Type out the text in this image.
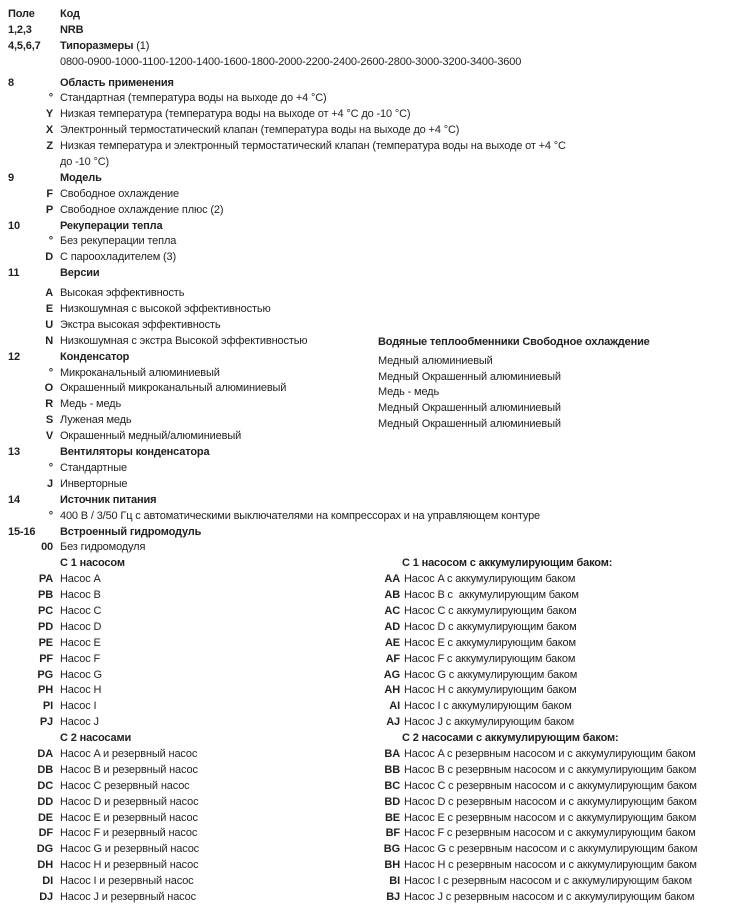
Поле Код
1,2,3	NRB
4,5,6,7 Типоразмеры (1)
0800-0900-1000-1100-1200-1400-1600-1800-2000-2200-2400-2600-2800-3000-3200-3400-3600
8	Область применения
° Стандартная (температура воды на выходе до +4 °C)
Y Низкая температура (температура воды на выходе от +4 °C до -10 °C)
X Электронный термостатический клапан (температура воды на выходе до +4 °C)
Z Низкая температура и электронный термостатический клапан (температура воды на выходе от +4 °C
до -10 °C)
9	Модель
F Свободное охлаждение
P Свободное охлаждение плюс (2)
10	Рекуперации тепла
° Без рекуперации тепла
D С пароохладителем (3)
11	Версии
A Высокая эффективность
E Низкошумная с высокой эффективностью
U Экстра высокая эффективность
N Низкошумная с экстра Высокой эффективностью	Водяные теплообменники Свободное охлаждение
12	Конденсатор	Медный алюминиевый
° Микроканальный алюминиевый	Медный Окрашенный алюминиевый
O Окрашенный микроканальный алюминиевый	Медь - медь
R Медь - медь	Медный Окрашенный алюминиевый
S Луженая медь	Медный Окрашенный алюминиевый
V Окрашенный медный/алюминиевый
13	Вентиляторы конденсатора
° Стандартные
J Инверторные
14	Источник питания
° 400 В / 3/50 Гц с автоматическими выключателями на компрессорах и на управляющем контуре
15-16 Встроенный гидромодуль
00 Без гидромодуля
С 1 насосом	С 1 насосом с аккумулирующим баком:
PA Насос A	AA Насос A с аккумулирующим баком
PB Насос B	AB Насос B с  аккумулирующим баком
PC Насос C	AC Насос C с аккумулирующим баком
PD Насос D	AD Насос D с аккумулирующим баком
PE Насос E	AE Насос E с аккумулирующим баком
PF Насос F	AF Насос F с аккумулирующим баком
PG Насос G	AG Насос G с аккумулирующим баком
PH Насос H	AH Насос H с аккумулирующим баком
PI Насос I	AI Насос I с аккумулирующим баком
PJ Насос J	AJ Насос J с аккумулирующим баком
С 2 насосами	С 2 насосами с аккумулирующим баком:
DA Насос A и резервный насос	BA Насос A с резервным насосом и с аккумулирующим баком
DB Насос B и резервный насос	BB Насос B с резервным насосом и с аккумулирующим баком
DC Насос C резервный насос	BC Насос C с резервным насосом и с аккумулирующим баком
DD Насос D и резервный насос	BD Насос D с резервным насосом и с аккумулирующим баком
DE Насос E и резервный насос	BE Насос E с резервным насосом и с аккумулирующим баком
DF Насос F и резервный насос	BF Насос F с резервным насосом и с аккумулирующим баком
DG Насос G и резервный насос	BG Насос G с резервным насосом и с аккумулирующим баком
DH Насос H и резервный насос	BH Насос H с резервным насосом и с аккумулирующим баком
DI Насос I и резервный насос	BI Насос I с резервным насосом и с аккумулирующим баком
DJ Насос J и резервный насос	BJ Насос J с резервным насосом и с аккумулирующим баком
